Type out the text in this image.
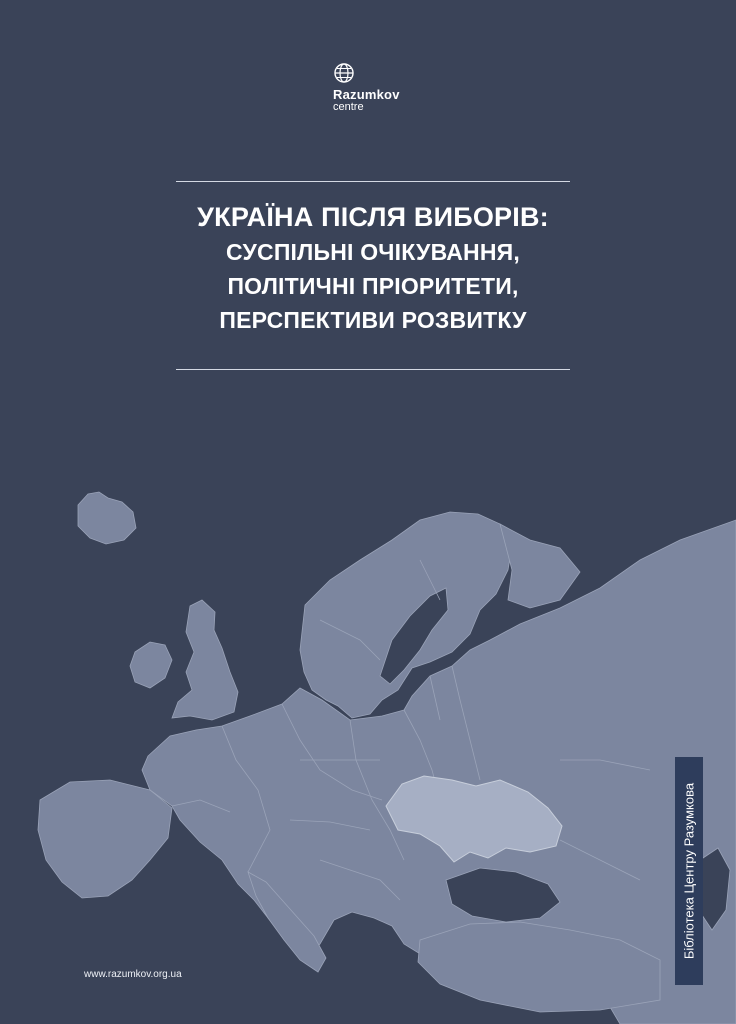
Razumkov
centre
УКРАЇНА ПІСЛЯ ВИБОРІВ:
СУСПІЛЬНІ ОЧІКУВАННЯ,
ПОЛІТИЧНІ ПРІОРИТЕТИ,
ПЕРСПЕКТИВИ РОЗВИТКУ
www.razumkov.org.ua
Бібліотека Центру Разумкова
